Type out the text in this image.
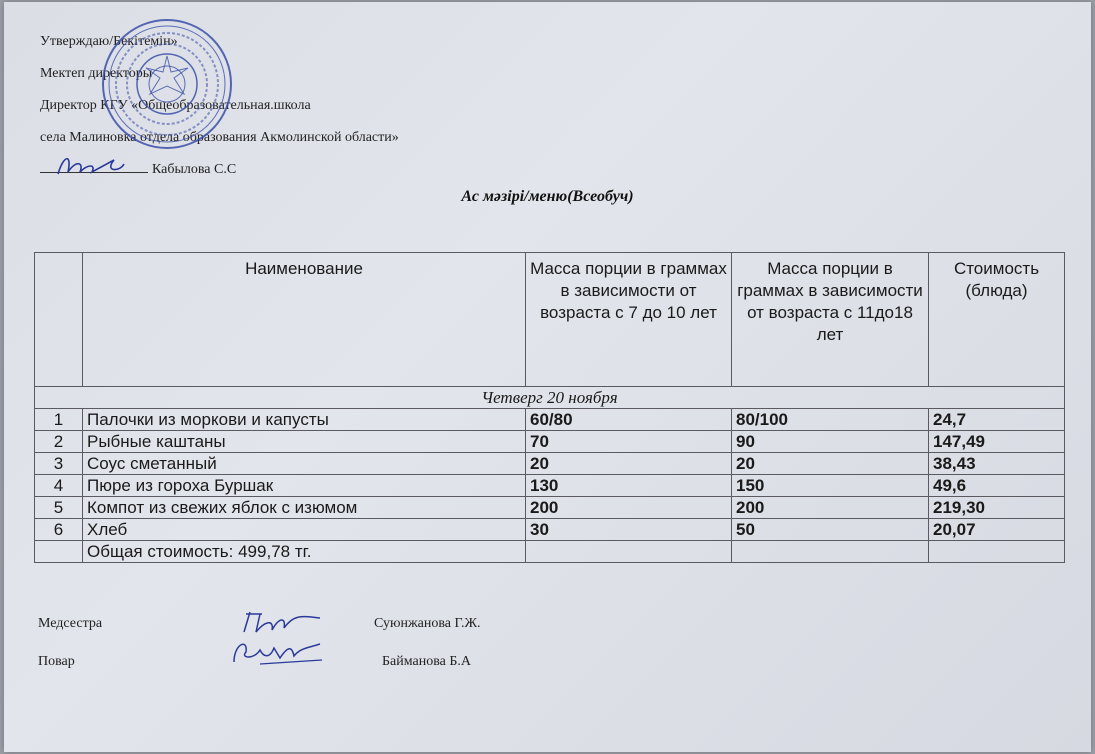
Утверждаю/Бекітемін»
Мектеп директоры
Директор КГУ «Общеобразовательная.школа
села Малиновка отдела образования Акмолинской области»
Кабылова С.С
Ас мәзірі/меню(Всеобуч)
	Наименование	Масса порции в граммах в зависимости от возраста с 7 до 10 лет	Масса порции в граммах в зависимости от возраста с 11до18 лет	Стоимость (блюда)
Четверг 20 ноября				
1	Палочки из моркови и капусты	60/80	80/100	24,7
2	Рыбные каштаны	70	90	147,49
3	Соус сметанный	20	20	38,43
4	Пюре из гороха Буршак	130	150	49,6
5	Компот из свежих яблок с изюмом	200	200	219,30
6	Хлеб	30	50	20,07
	Общая стоимость: 499,78 тг.			
Медсестра	Суюнжанова Г.Ж.
Повар	Байманова Б.А
